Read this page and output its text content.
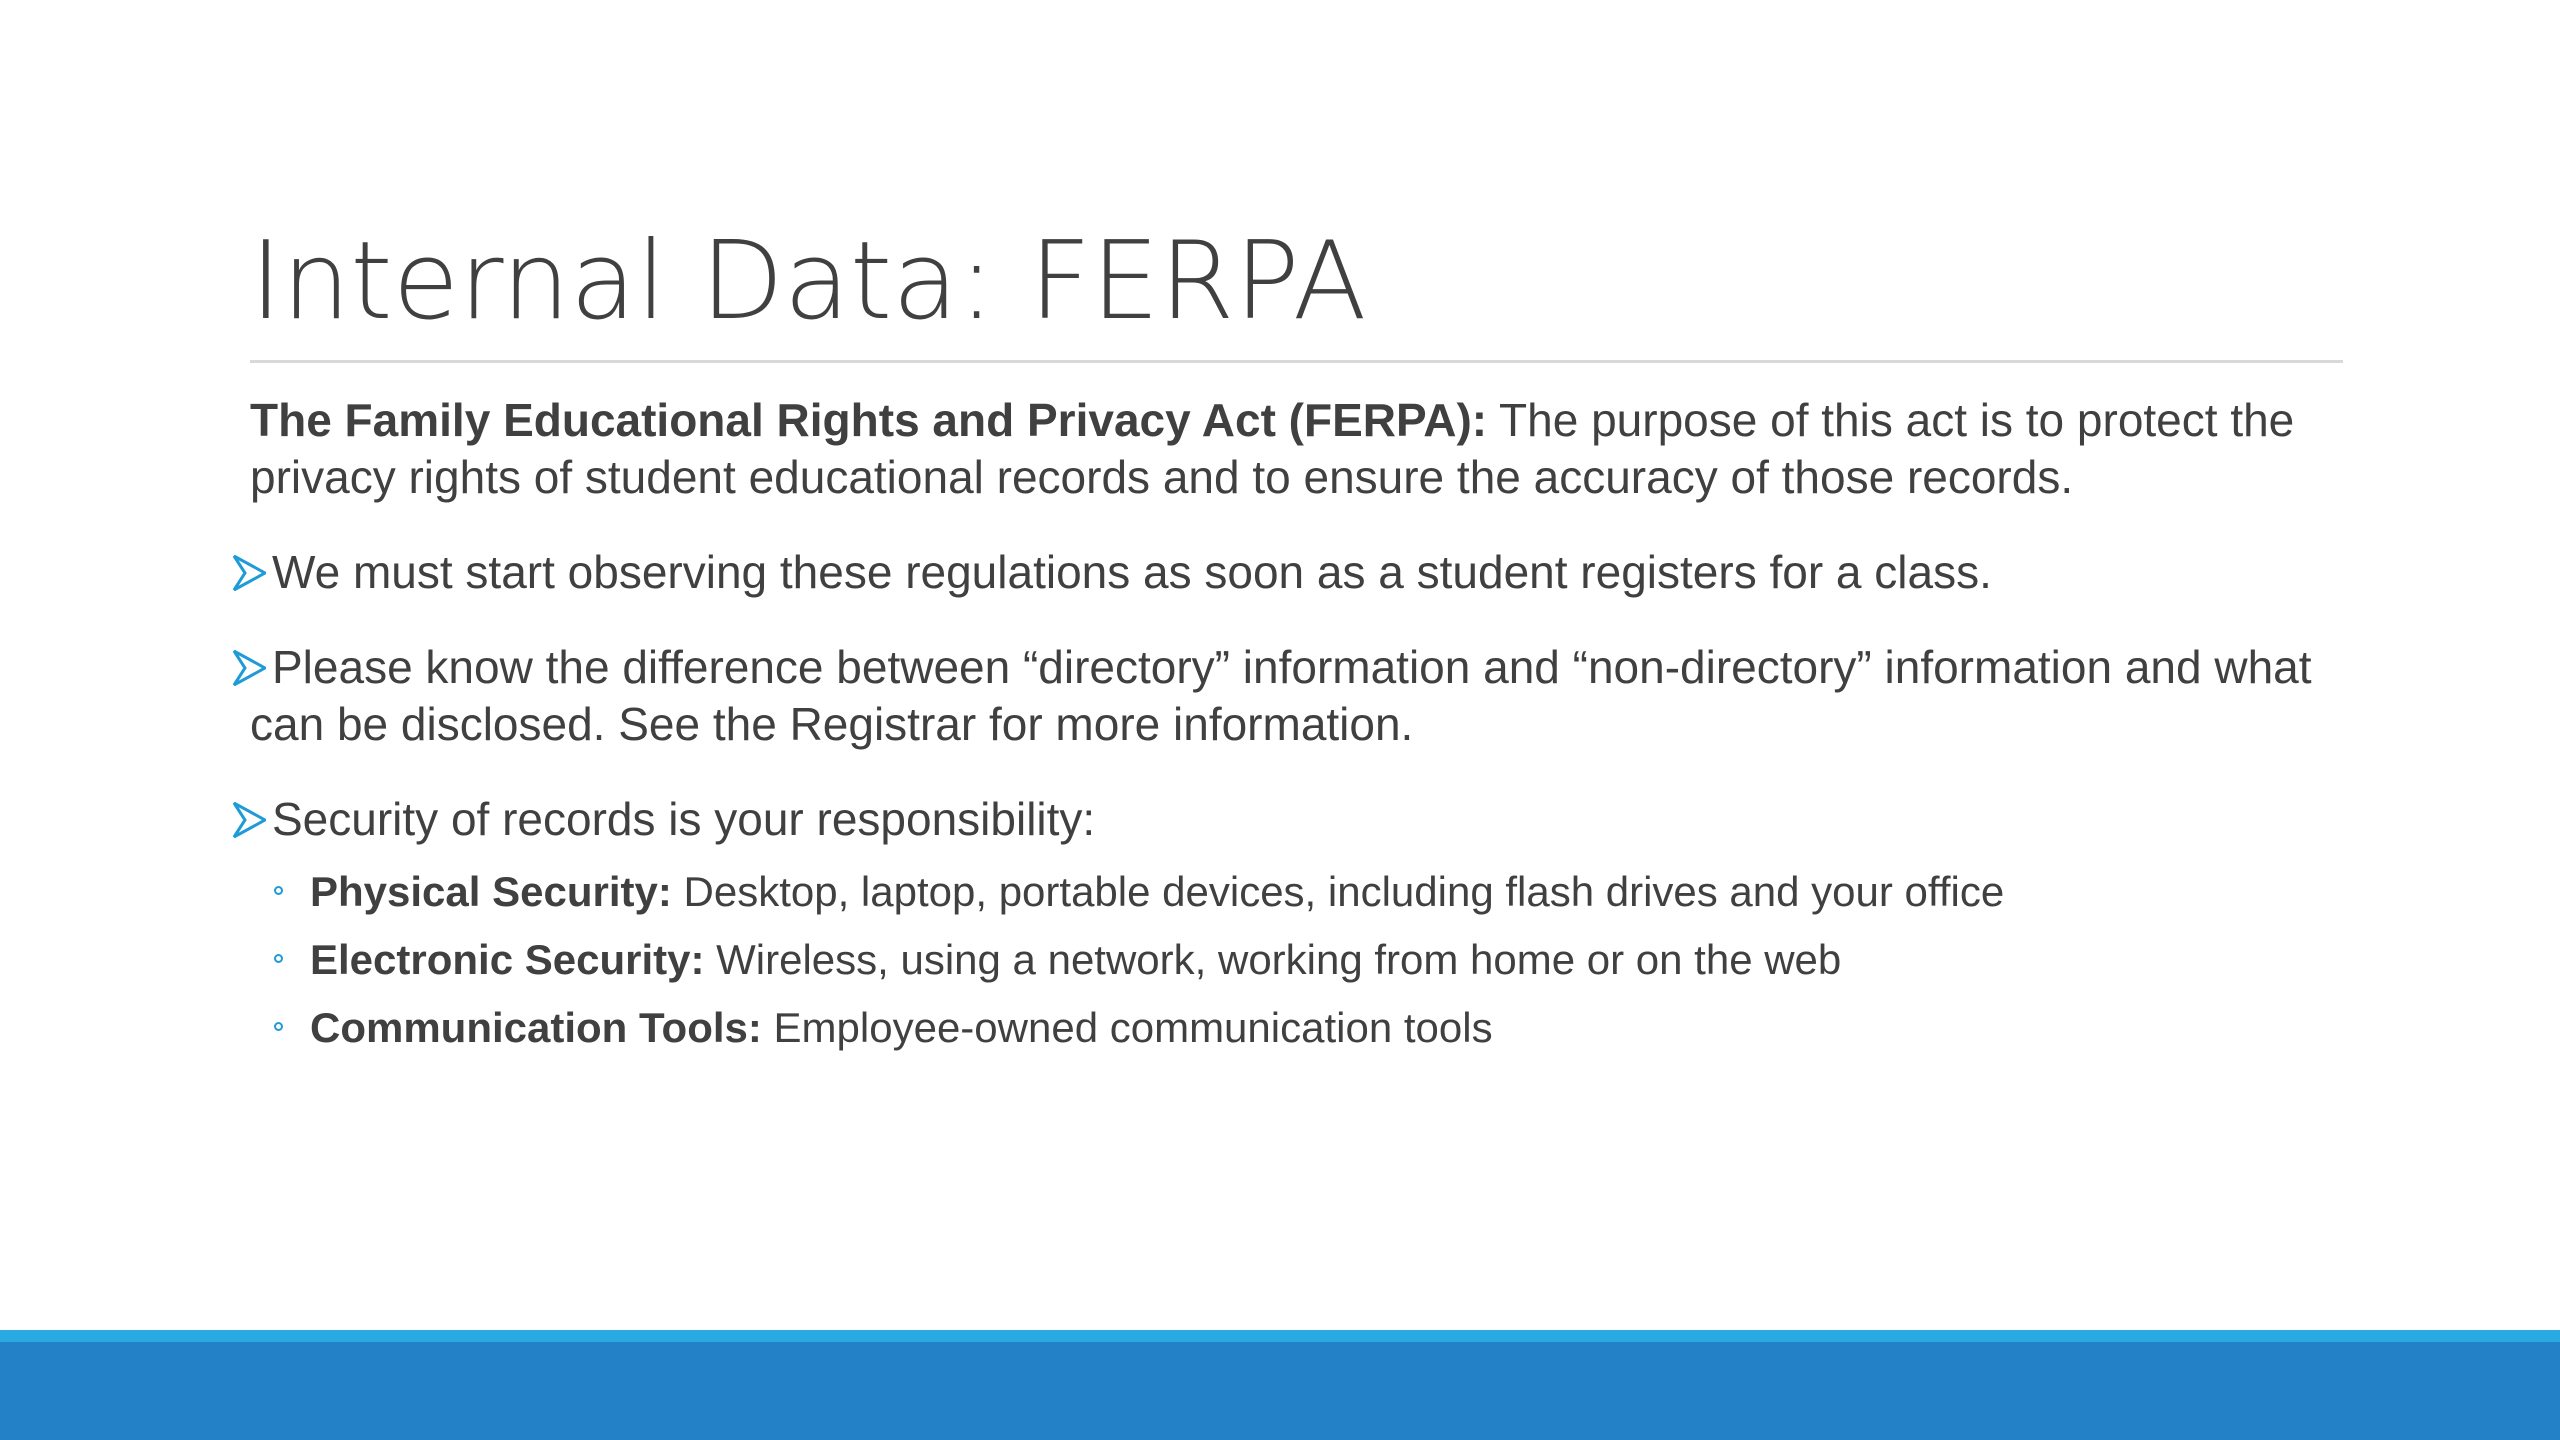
Internal Data: FERPA

The Family Educational Rights and Privacy Act (FERPA): The purpose of this act is to protect the privacy rights of student educational records and to ensure the accuracy of those records.

We must start observing these regulations as soon as a student registers for a class.

Please know the difference between “directory” information and “non-directory” information and what can be disclosed. See the Registrar for more information.

Security of records is your responsibility:

Physical Security: Desktop, laptop, portable devices, including flash drives and your office
Electronic Security: Wireless, using a network, working from home or on the web
Communication Tools: Employee-owned communication tools
